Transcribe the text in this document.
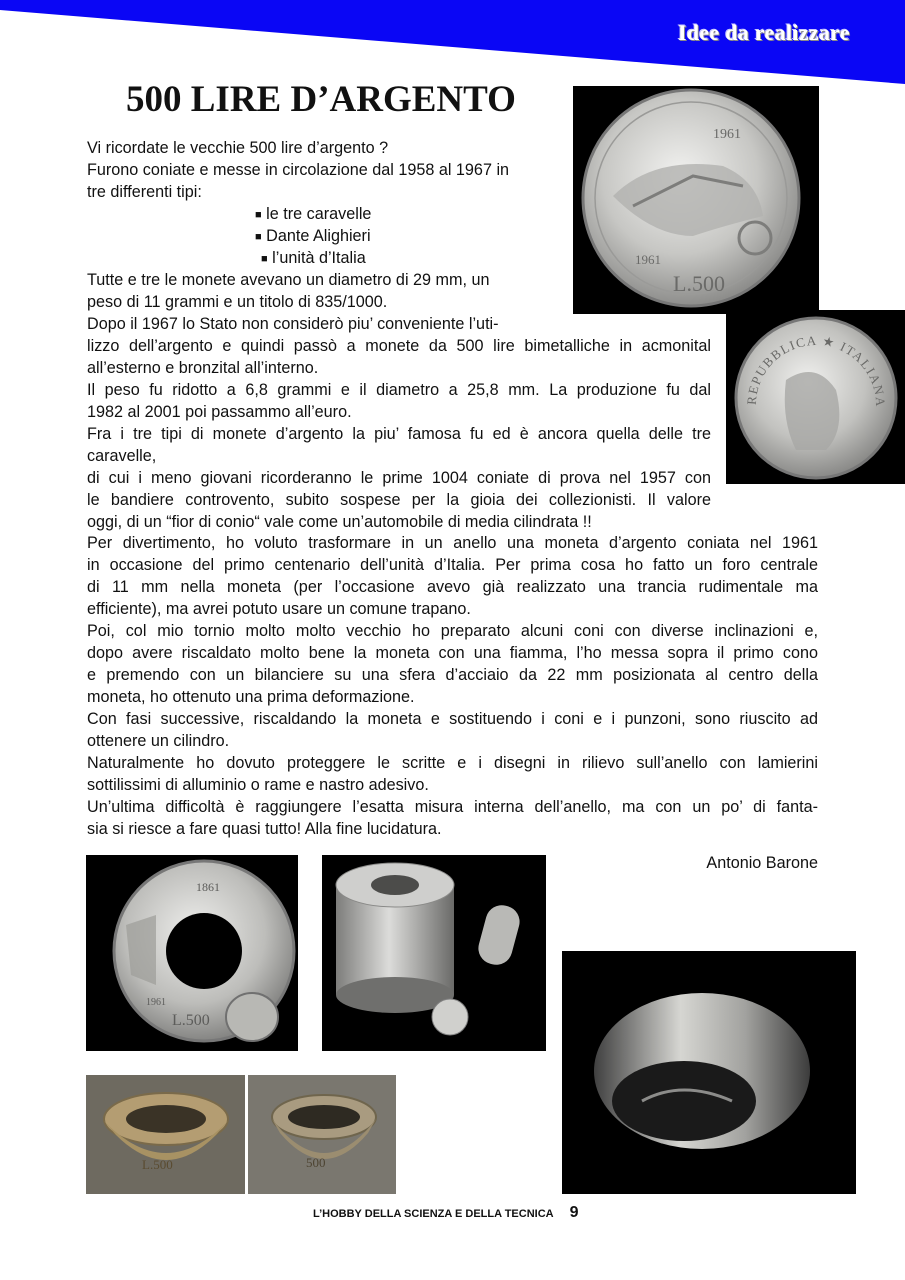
Idee da realizzare
500 LIRE D’ARGENTO
1961
1961
L.500
REPUBBLICA ★ ITALIANA
Vi ricordate le vecchie 500 lire d’argento ?
Furono coniate e messe in circolazione dal 1958 al 1967 in
tre differenti tipi:
■ le tre caravelle
■ Dante Alighieri
■ l’unità d’Italia
Tutte e tre le monete avevano un diametro di 29 mm, un
peso di 11 grammi e un titolo di 835/1000.
Dopo il 1967 lo Stato non considerò piu’ conveniente l’uti-
lizzo dell’argento e quindi passò a monete da 500 lire bimetalliche in acmonital
all’esterno e bronzital all’interno.
Il peso fu ridotto a 6,8 grammi e il diametro a 25,8 mm. La produzione fu dal
1982 al 2001 poi passammo all’euro.
Fra i tre tipi di monete d’argento la piu’ famosa fu ed è ancora quella delle tre
caravelle,
di cui i meno giovani ricorderanno le prime 1004 coniate di prova nel 1957 con
le bandiere controvento, subito sospese per la gioia dei collezionisti. Il valore
oggi, di un “fior di conio“ vale come un’automobile di media cilindrata !!
Per divertimento, ho voluto trasformare in un anello una moneta d’argento coniata nel 1961
in occasione del primo centenario dell’unità d’Italia. Per prima cosa ho fatto un foro centrale
di 11 mm nella moneta (per l’occasione avevo già realizzato una trancia rudimentale ma
efficiente), ma avrei potuto usare un comune trapano.
Poi, col mio tornio molto molto vecchio ho preparato alcuni coni con diverse inclinazioni e,
dopo avere riscaldato molto bene la moneta con una fiamma, l’ho messa sopra il primo cono
e premendo con un bilanciere su una sfera d’acciaio da 22 mm posizionata al centro della
moneta, ho ottenuto una prima deformazione.
Con fasi successive, riscaldando la moneta e sostituendo i coni e i punzoni, sono riuscito ad
ottenere un cilindro.
Naturalmente ho dovuto proteggere le scritte e i disegni in rilievo sull’anello con lamierini
sottilissimi di alluminio o rame e nastro adesivo.
Un’ultima difficoltà è raggiungere l’esatta misura interna dell’anello, ma con un po’ di fanta-
sia si riesce a fare quasi tutto! Alla fine lucidatura.
Antonio Barone
1861
1961
L.500
L.500	500
L’HOBBY DELLA SCIENZA E DELLA TECNICA 9
